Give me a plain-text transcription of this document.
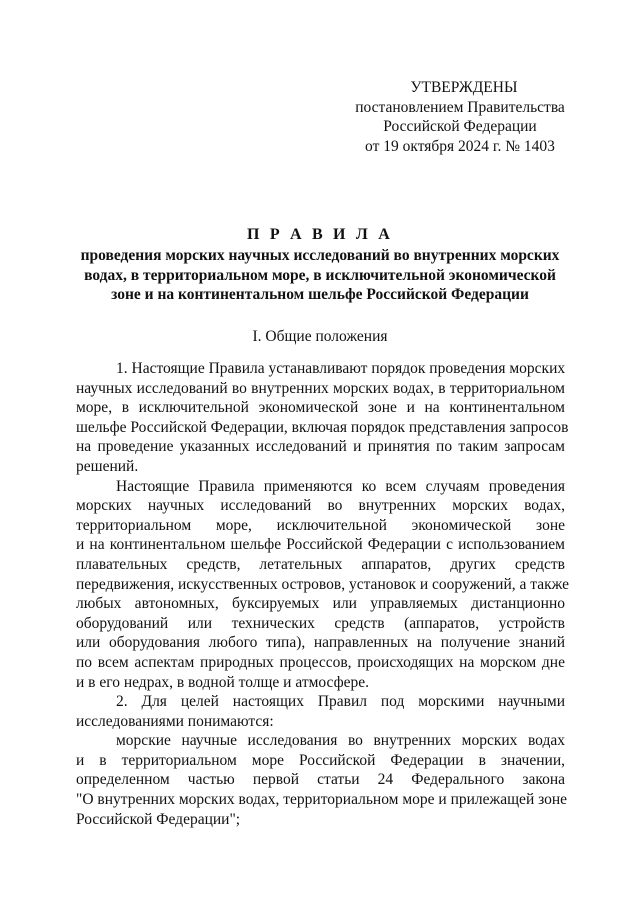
УТВЕРЖДЕНЫ
постановлением Правительства
Российской Федерации
от 19 октября 2024 г. № 1403
П Р А В И Л А
проведения морских научных исследований во внутренних морских
водах, в территориальном море, в исключительной экономической
зоне и на континентальном шельфе Российской Федерации
I. Общие положения
1. Настоящие Правила устанавливают порядок проведения морских
научных исследований во внутренних морских водах, в территориальном
море, в исключительной экономической зоне и на континентальном
шельфе Российской Федерации, включая порядок представления запросов
на проведение указанных исследований и принятия по таким запросам
решений.
Настоящие Правила применяются ко всем случаям проведения
морских научных исследований во внутренних морских водах,
территориальном море, исключительной экономической зоне
и на континентальном шельфе Российской Федерации с использованием
плавательных средств, летательных аппаратов, других средств
передвижения, искусственных островов, установок и сооружений, а также
любых автономных, буксируемых или управляемых дистанционно
оборудований или технических средств (аппаратов, устройств
или оборудования любого типа), направленных на получение знаний
по всем аспектам природных процессов, происходящих на морском дне
и в его недрах, в водной толще и атмосфере.
2. Для целей настоящих Правил под морскими научными
исследованиями понимаются:
морские научные исследования во внутренних морских водах
и в территориальном море Российской Федерации в значении,
определенном частью первой статьи 24 Федерального закона
"О внутренних морских водах, территориальном море и прилежащей зоне
Российской Федерации";
